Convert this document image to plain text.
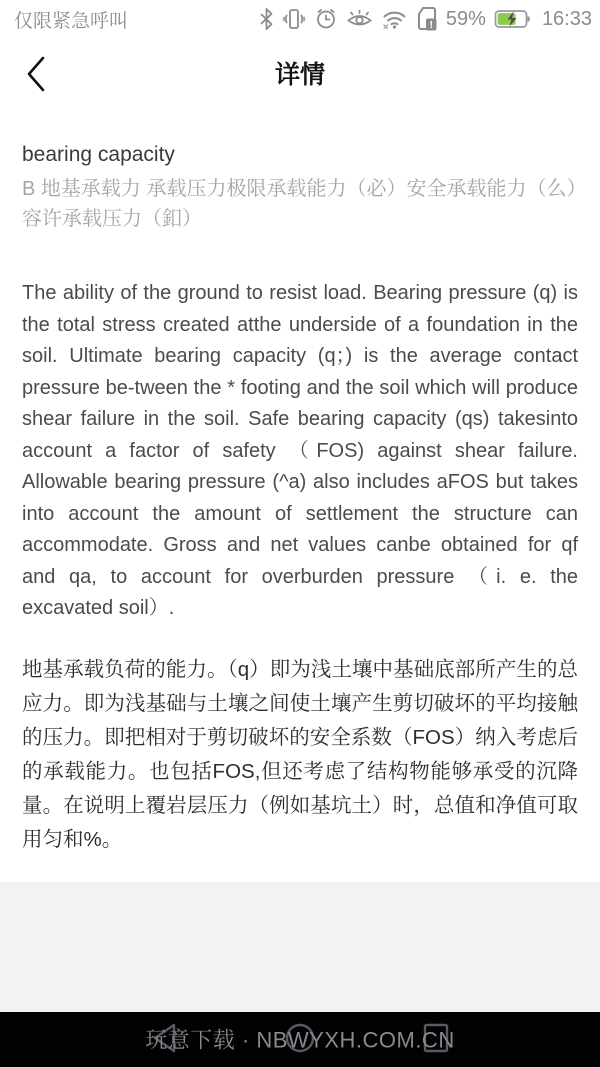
仅限紧急呼叫	! 59%	16:33
详情
bearing capacity

B 地基承载力 承载压力极限承载能力（必）安全承载能力（么）容许承载压力（釦）

The ability of the ground to resist load. Bearing pressure (q) is the total stress created atthe underside of a foundation in the soil. Ultimate bearing capacity (q；) is the average contact pressure be-tween the * footing and the soil which will produce shear failure in the soil. Safe bearing capacity (qs) takesinto account a factor of safety （FOS) against shear failure. Allowable bearing pressure (^a) also includes aFOS but takes into account the amount of settlement the structure can accommodate. Gross and net values canbe obtained for qf and qa, to account for overburden pressure （i. e. the excavated soil）.

地基承载负荷的能力。（q）即为浅土壤中基础底部所产生的总应力。即为浅基础与土壤之间使土壤产生剪切破坏的平均接触的压力。即把相对于剪切破坏的安全系数（FOS）纳入考虑后的承载能力。也包括FOS,但还考虑了结构物能够承受的沉降量。在说明上覆岩层压力（例如基坑土）时，总值和净值可取用匀和%。

玩意下载 · NBWYXH.COM.CN
